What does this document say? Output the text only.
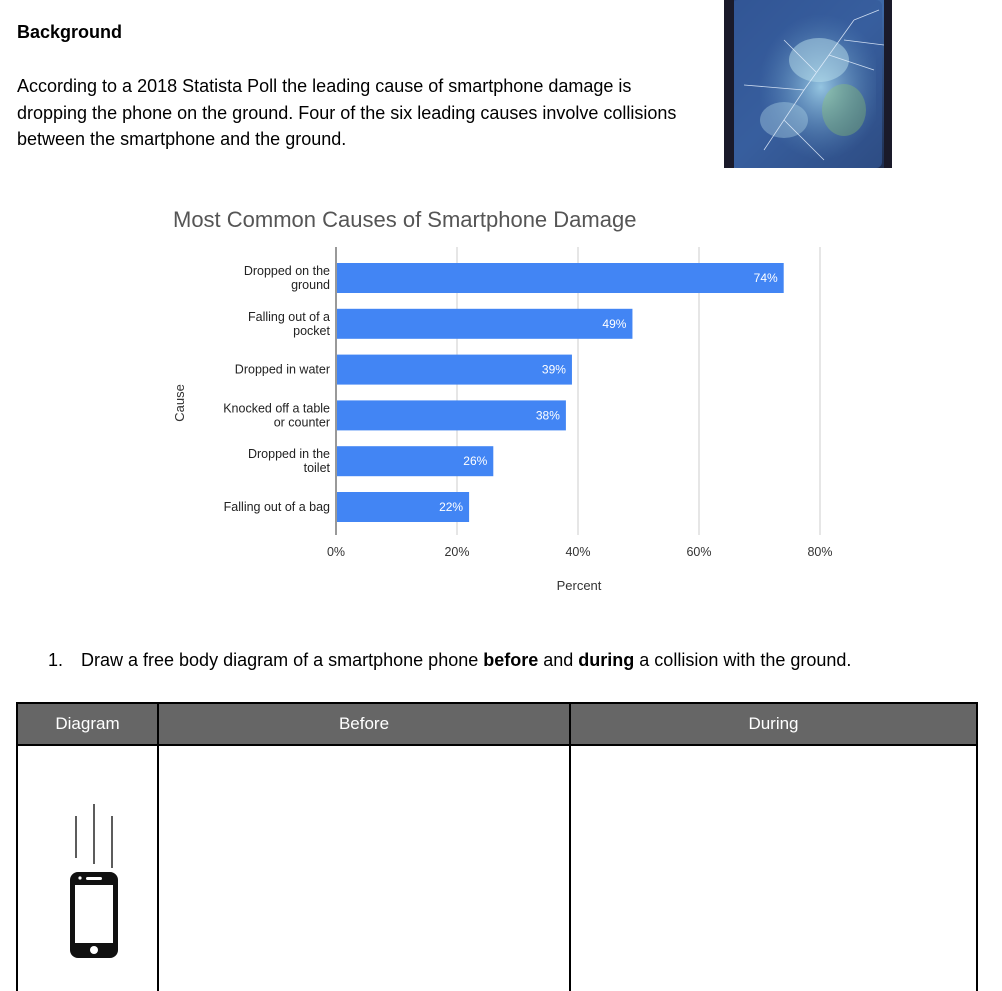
Background
According to a 2018 Statista Poll the leading cause of smartphone damage is dropping the phone on the ground. Four of the six leading causes involve collisions between the smartphone and the ground.
Most Common Causes of Smartphone Damage
74%
49%
39%
38%
26%
22%
Dropped on the
ground
Falling out of a
pocket
Dropped in water
Knocked off a table
or counter
Dropped in the
toilet
Falling out of a bag
0%	20%	40%	60%	80%
Percent
Cause
1. Draw a free body diagram of a smartphone phone before and during a collision with the ground.
Diagram	Before	During
